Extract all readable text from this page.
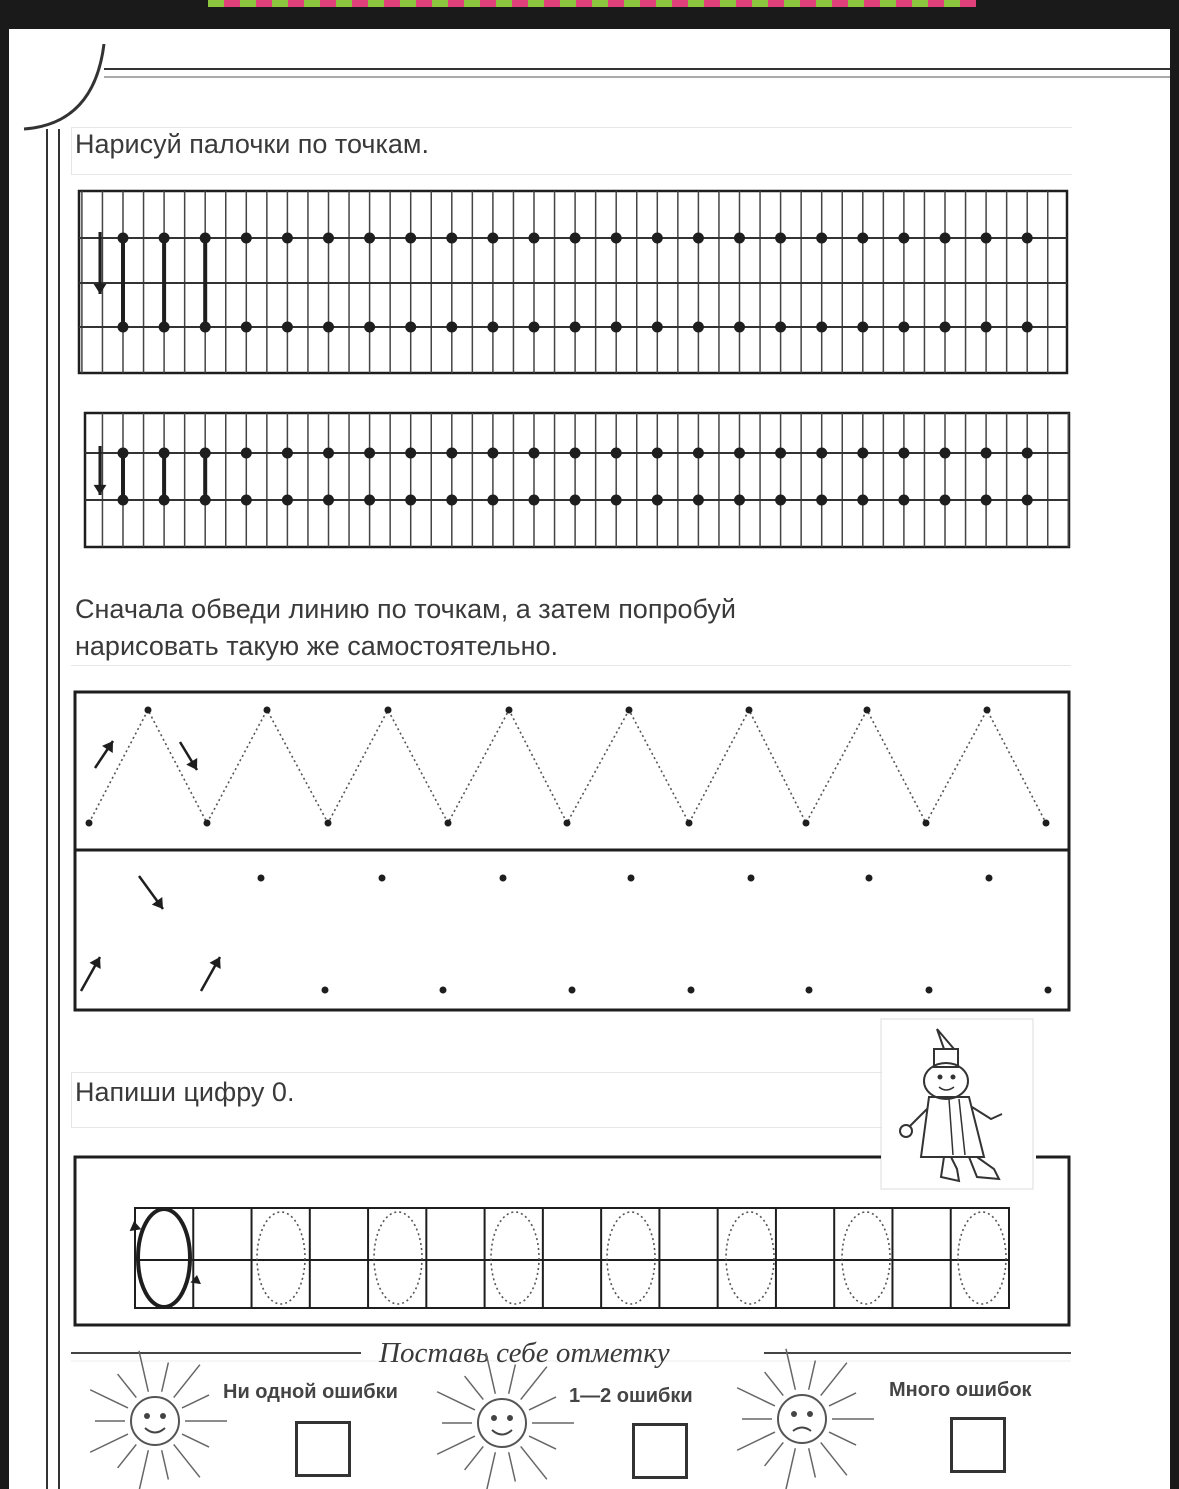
Нарисуй палочки по точкам.
Сначала обведи линию по точкам, а затем попробуй
нарисовать такую же самостоятельно.
Напиши цифру 0.
Поставь себе отметку
Ни одной ошибки	1—2 ошибки	Много ошибок
